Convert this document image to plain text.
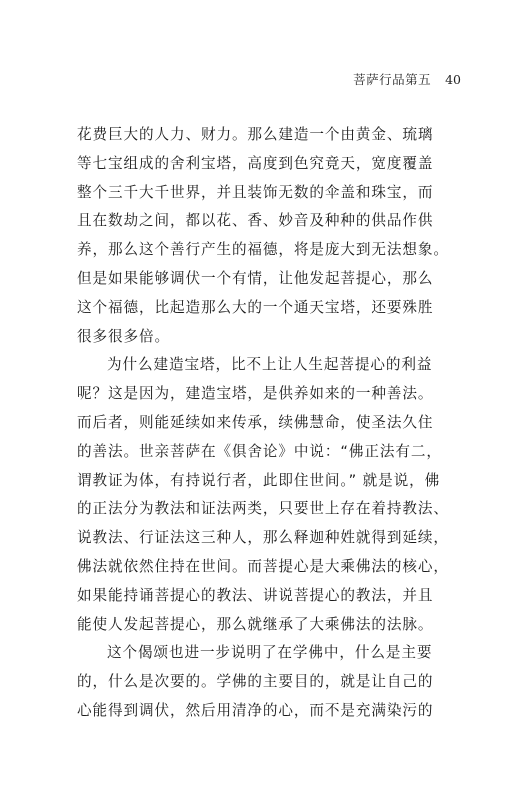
菩萨行品第五 40
花费巨大的人力、财力。那么建造一个由黄金、琉璃
等七宝组成的舍利宝塔，高度到色究竟天，宽度覆盖
整个三千大千世界，并且装饰无数的伞盖和珠宝，而
且在数劫之间，都以花、香、妙音及种种的供品作供
养，那么这个善行产生的福德，将是庞大到无法想象。
但是如果能够调伏一个有情，让他发起菩提心，那么
这个福德，比起造那么大的一个通天宝塔，还要殊胜
很多很多倍。
为什么建造宝塔，比不上让人生起菩提心的利益
呢？这是因为，建造宝塔，是供养如来的一种善法。
而后者，则能延续如来传承，续佛慧命，使圣法久住
的善法。世亲菩萨在《俱舍论》中说：“佛正法有二，
谓教证为体，有持说行者，此即住世间。” 就是说，佛
的正法分为教法和证法两类，只要世上存在着持教法、
说教法、行证法这三种人，那么释迦种姓就得到延续，
佛法就依然住持在世间。而菩提心是大乘佛法的核心，
如果能持诵菩提心的教法、讲说菩提心的教法，并且
能使人发起菩提心，那么就继承了大乘佛法的法脉。
这个偈颂也进一步说明了在学佛中，什么是主要
的，什么是次要的。学佛的主要目的，就是让自己的
心能得到调伏，然后用清净的心，而不是充满染污的
